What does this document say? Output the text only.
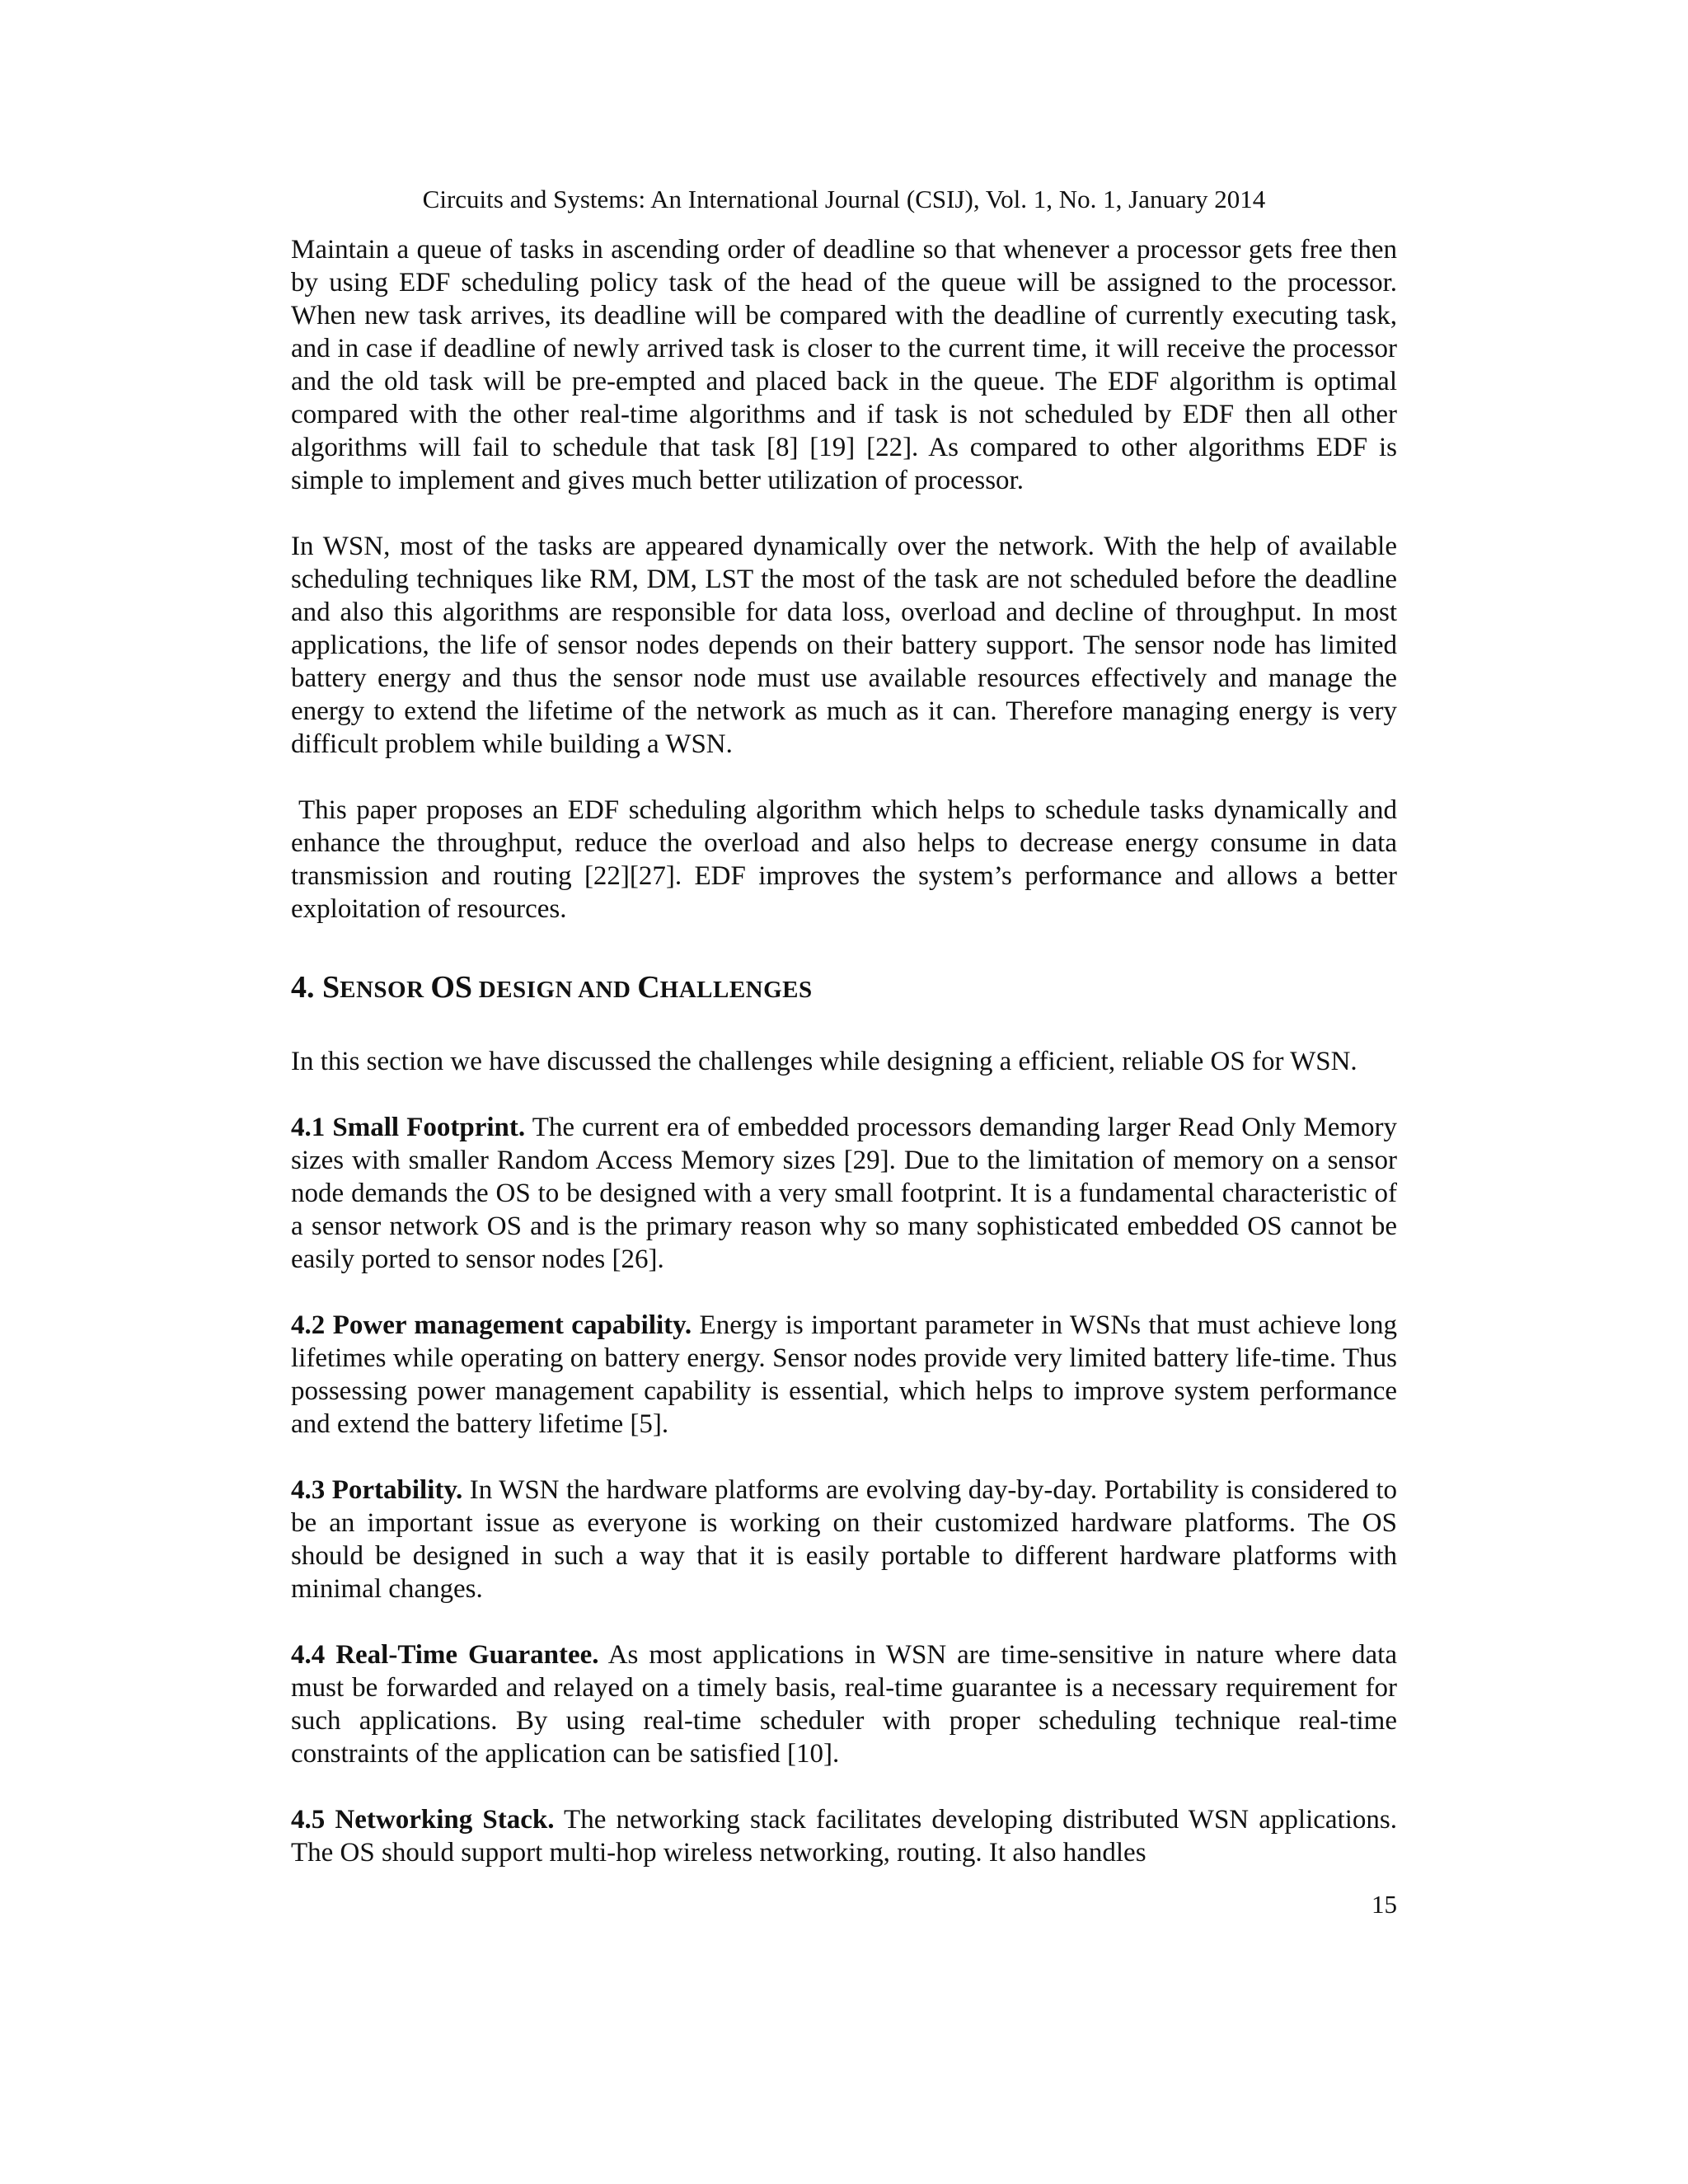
Circuits and Systems: An International Journal (CSIJ), Vol. 1, No. 1, January 2014

Maintain a queue of tasks in ascending order of deadline so that whenever a processor gets free then by using EDF scheduling policy task of the head of the queue will be assigned to the processor. When new task arrives, its deadline will be compared with the deadline of currently executing task, and in case if deadline of newly arrived task is closer to the current time, it will receive the processor and the old task will be pre-empted and placed back in the queue. The EDF algorithm is optimal compared with the other real-time algorithms and if task is not scheduled by EDF then all other algorithms will fail to schedule that task [8] [19] [22]. As compared to other algorithms EDF is simple to implement and gives much better utilization of processor.

In WSN, most of the tasks are appeared dynamically over the network. With the help of available scheduling techniques like RM, DM, LST the most of the task are not scheduled before the deadline and also this algorithms are responsible for data loss, overload and decline of throughput. In most applications, the life of sensor nodes depends on their battery support. The sensor node has limited battery energy and thus the sensor node must use available resources effectively and manage the energy to extend the lifetime of the network as much as it can. Therefore managing energy is very difficult problem while building a WSN.

This paper proposes an EDF scheduling algorithm which helps to schedule tasks dynamically and enhance the throughput, reduce the overload and also helps to decrease energy consume in data transmission and routing [22][27]. EDF improves the system’s performance and allows a better exploitation of resources.

4. SENSOR OS DESIGN AND CHALLENGES

In this section we have discussed the challenges while designing a efficient, reliable OS for WSN.

4.1 Small Footprint. The current era of embedded processors demanding larger Read Only Memory sizes with smaller Random Access Memory sizes [29]. Due to the limitation of memory on a sensor node demands the OS to be designed with a very small footprint. It is a fundamental characteristic of a sensor network OS and is the primary reason why so many sophisticated embedded OS cannot be easily ported to sensor nodes [26].

4.2 Power management capability. Energy is important parameter in WSNs that must achieve long lifetimes while operating on battery energy. Sensor nodes provide very limited battery life-time. Thus possessing power management capability is essential, which helps to improve system performance and extend the battery lifetime [5].

4.3 Portability. In WSN the hardware platforms are evolving day-by-day. Portability is considered to be an important issue as everyone is working on their customized hardware platforms. The OS should be designed in such a way that it is easily portable to different hardware platforms with minimal changes.

4.4 Real-Time Guarantee. As most applications in WSN are time-sensitive in nature where data must be forwarded and relayed on a timely basis, real-time guarantee is a necessary requirement for such applications. By using real-time scheduler with proper scheduling technique real-time constraints of the application can be satisfied [10].

4.5 Networking Stack. The networking stack facilitates developing distributed WSN applications. The OS should support multi-hop wireless networking, routing. It also handles

15
